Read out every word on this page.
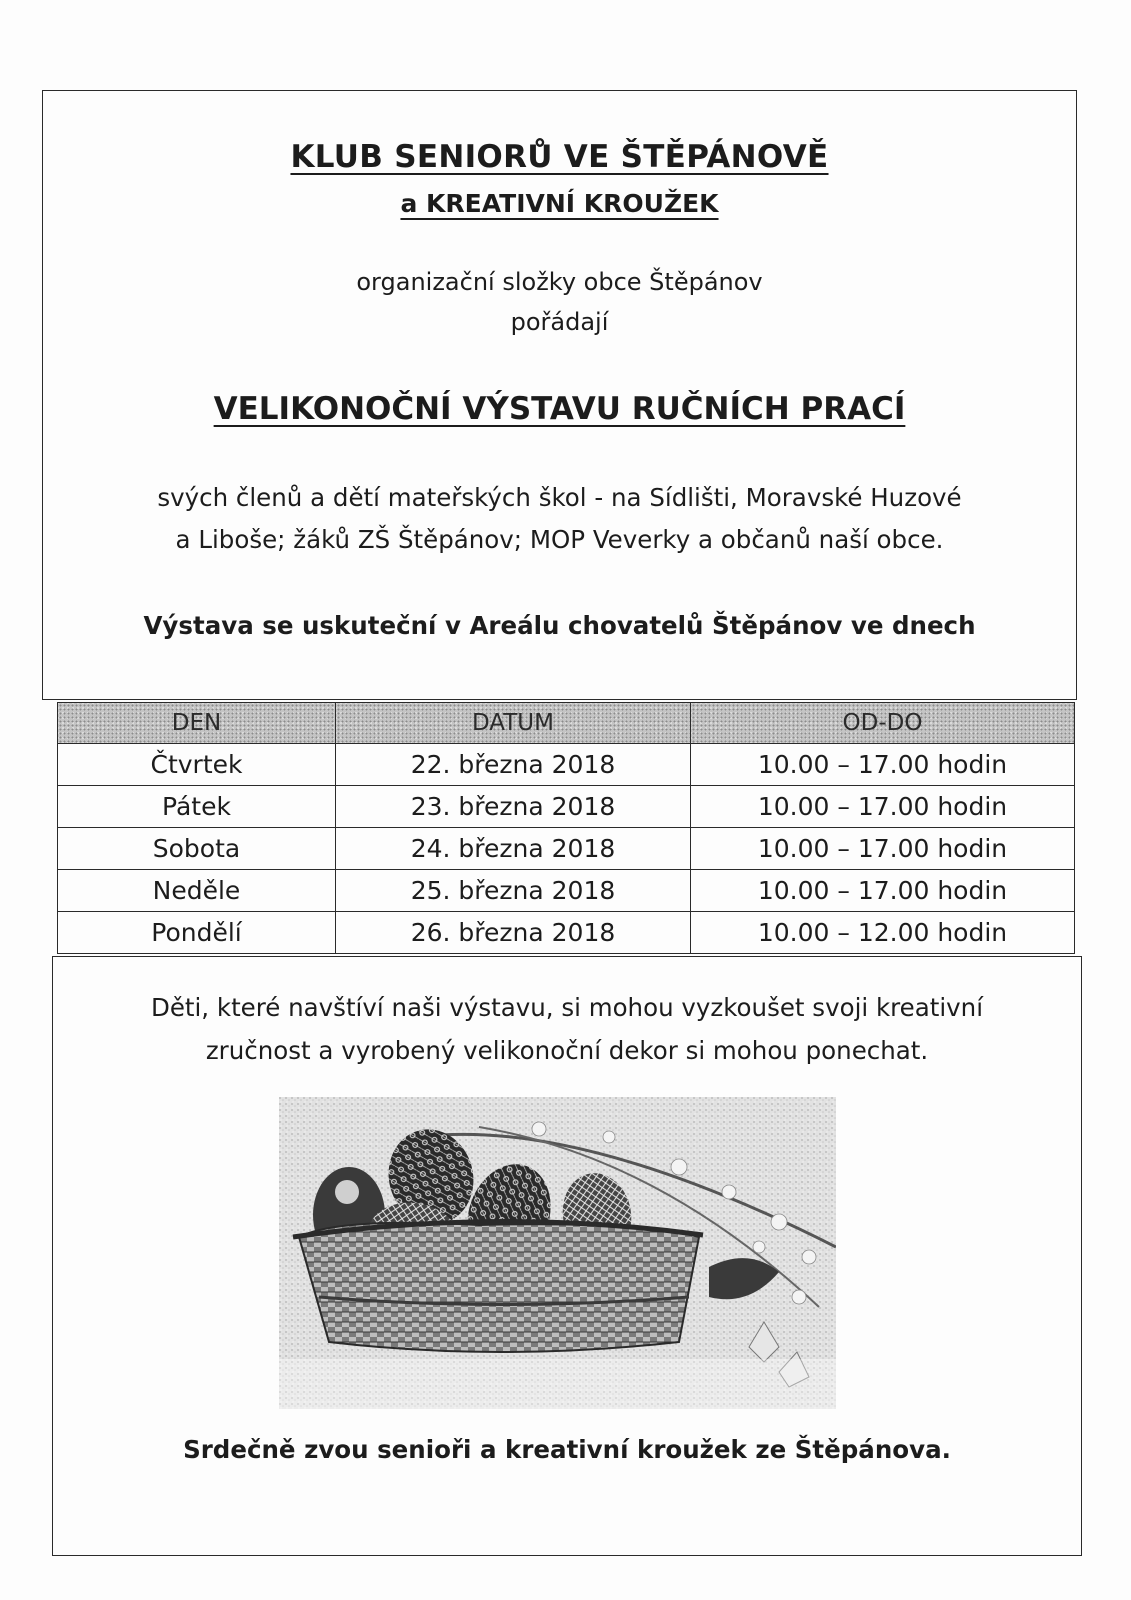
KLUB SENIORŮ VE ŠTĚPÁNOVĚ
a KREATIVNÍ KROUŽEK
organizační složky obce Štěpánov
pořádají
VELIKONOČNÍ VÝSTAVU RUČNÍCH PRACÍ
svých členů a dětí mateřských škol - na Sídlišti, Moravské Huzové
a Liboše; žáků ZŠ Štěpánov; MOP Veverky a občanů naší obce.
Výstava se uskuteční v Areálu chovatelů Štěpánov ve dnech
DEN	DATUM	OD-DO
Čtvrtek	22. března 2018	10.00 – 17.00 hodin
Pátek	23. března 2018	10.00 – 17.00 hodin
Sobota	24. března 2018	10.00 – 17.00 hodin
Neděle	25. března 2018	10.00 – 17.00 hodin
Pondělí	26. března 2018	10.00 – 12.00 hodin
Děti, které navštíví naši výstavu, si mohou vyzkoušet svoji kreativní
zručnost a vyrobený velikonoční dekor si mohou ponechat.
Srdečně zvou senioři a kreativní kroužek ze Štěpánova.
